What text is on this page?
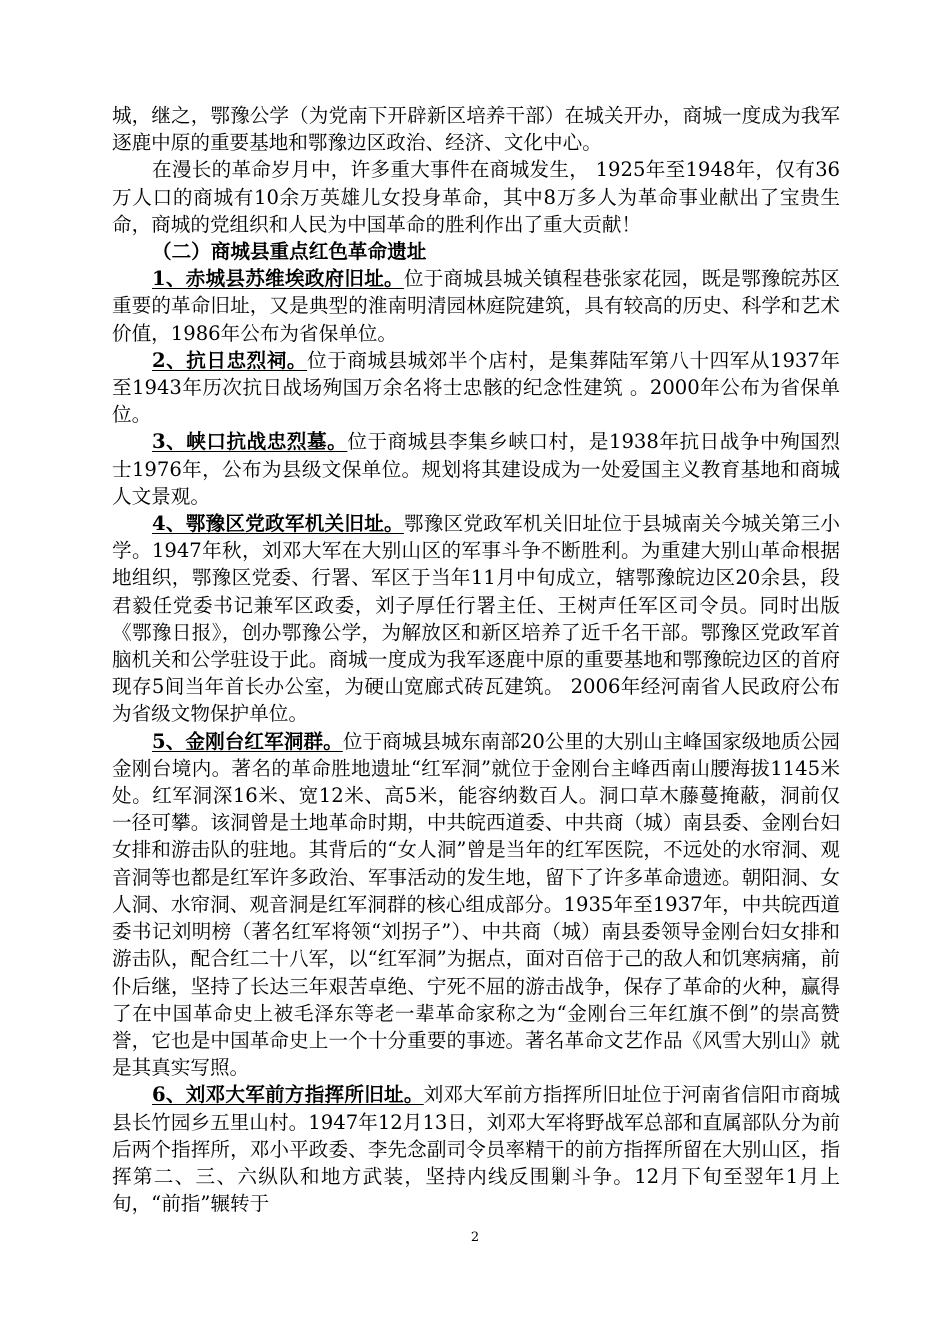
城，继之，鄂豫公学（为党南下开辟新区培养干部）在城关开办，商城一度成为我军逐鹿中原的重要基地和鄂豫边区政治、经济、文化中心。

在漫长的革命岁月中，许多重大事件在商城发生， 1925年至1948年，仅有36万人口的商城有10余万英雄儿女投身革命，其中8万多人为革命事业献出了宝贵生命，商城的党组织和人民为中国革命的胜利作出了重大贡献！

（二）商城县重点红色革命遗址

1、赤城县苏维埃政府旧址。位于商城县城关镇程巷张家花园，既是鄂豫皖苏区重要的革命旧址，又是典型的淮南明清园林庭院建筑，具有较高的历史、科学和艺术价值，1986年公布为省保单位。

2、抗日忠烈祠。位于商城县城郊半个店村，是集葬陆军第八十四军从1937年至1943年历次抗日战场殉国万余名将士忠骸的纪念性建筑 。2000年公布为省保单位。

3、峡口抗战忠烈墓。位于商城县李集乡峡口村，是1938年抗日战争中殉国烈士1976年，公布为县级文保单位。规划将其建设成为一处爱国主义教育基地和商城人文景观。

4、鄂豫区党政军机关旧址。鄂豫区党政军机关旧址位于县城南关今城关第三小学。1947年秋，刘邓大军在大别山区的军事斗争不断胜利。为重建大别山革命根据地组织，鄂豫区党委、行署、军区于当年11月中旬成立，辖鄂豫皖边区20余县，段君毅任党委书记兼军区政委，刘子厚任行署主任、王树声任军区司令员。同时出版《鄂豫日报》，创办鄂豫公学，为解放区和新区培养了近千名干部。鄂豫区党政军首脑机关和公学驻设于此。商城一度成为我军逐鹿中原的重要基地和鄂豫皖边区的首府现存5间当年首长办公室，为硬山宽廊式砖瓦建筑。 2006年经河南省人民政府公布为省级文物保护单位。

5、金刚台红军洞群。位于商城县城东南部20公里的大别山主峰国家级地质公园金刚台境内。著名的革命胜地遗址“红军洞”就位于金刚台主峰西南山腰海拔1145米处。红军洞深16米、宽12米、高5米，能容纳数百人。洞口草木藤蔓掩蔽，洞前仅一径可攀。该洞曾是土地革命时期，中共皖西道委、中共商（城）南县委、金刚台妇女排和游击队的驻地。其背后的“女人洞”曾是当年的红军医院，不远处的水帘洞、观音洞等也都是红军许多政治、军事活动的发生地，留下了许多革命遗迹。朝阳洞、女人洞、水帘洞、观音洞是红军洞群的核心组成部分。1935年至1937年，中共皖西道委书记刘明榜（著名红军将领“刘拐子”）、中共商（城）南县委领导金刚台妇女排和游击队，配合红二十八军，以“红军洞”为据点，面对百倍于己的敌人和饥寒病痛，前仆后继，坚持了长达三年艰苦卓绝、宁死不屈的游击战争，保存了革命的火种，赢得了在中国革命史上被毛泽东等老一辈革命家称之为“金刚台三年红旗不倒”的崇高赞誉，它也是中国革命史上一个十分重要的事迹。著名革命文艺作品《风雪大别山》就是其真实写照。

6、刘邓大军前方指挥所旧址。刘邓大军前方指挥所旧址位于河南省信阳市商城县长竹园乡五里山村。1947年12月13日，刘邓大军将野战军总部和直属部队分为前后两个指挥所，邓小平政委、李先念副司令员率精干的前方指挥所留在大别山区，指挥第二、三、六纵队和地方武装，坚持内线反围剿斗争。12月下旬至翌年1月上旬，“前指”辗转于

2
